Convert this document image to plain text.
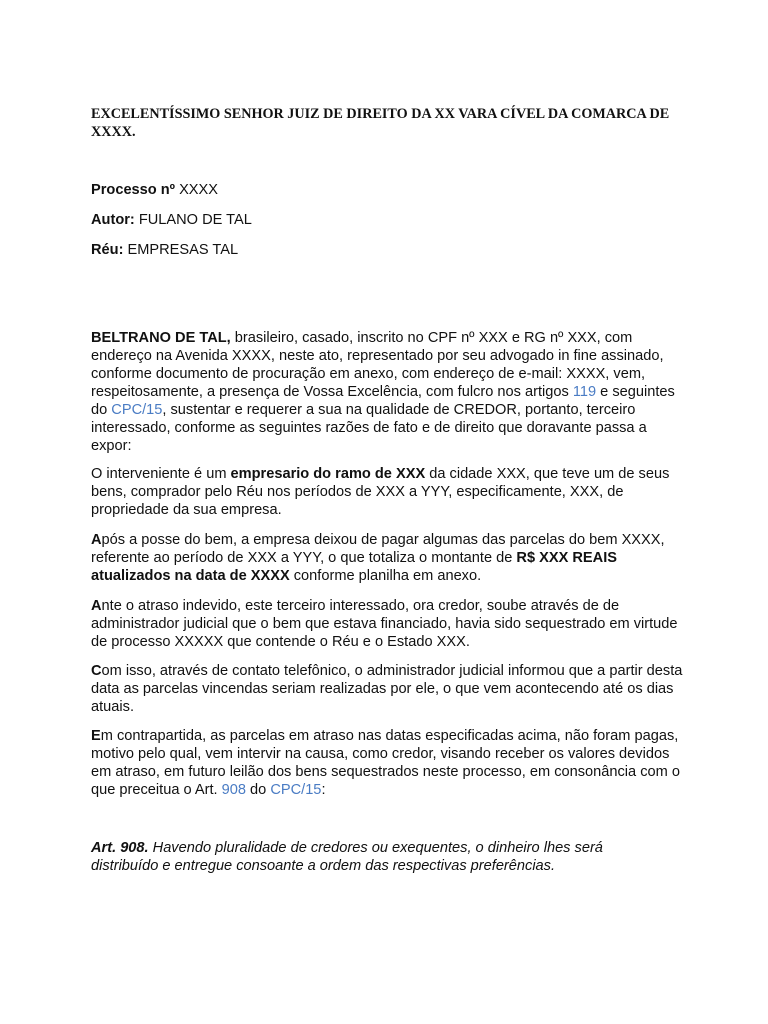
EXCELENTÍSSIMO SENHOR JUIZ DE DIREITO DA XX VARA CÍVEL DA COMARCA DE XXXX.
Processo nº XXXX
Autor: FULANO DE TAL
Réu: EMPRESAS TAL

BELTRANO DE TAL, brasileiro, casado, inscrito no CPF nº XXX e RG nº XXX, com endereço na Avenida XXXX, neste ato, representado por seu advogado in fine assinado, conforme documento de procuração em anexo, com endereço de e-mail: XXXX, vem, respeitosamente, a presença de Vossa Excelência, com fulcro nos artigos 119 e seguintes do CPC/15, sustentar e requerer a sua na qualidade de CREDOR, portanto, terceiro interessado, conforme as seguintes razões de fato e de direito que doravante passa a expor:

O interveniente é um empresario do ramo de XXX da cidade XXX, que teve um de seus bens, comprador pelo Réu nos períodos de XXX a YYY, especificamente, XXX, de propriedade da sua empresa.

Após a posse do bem, a empresa deixou de pagar algumas das parcelas do bem XXXX, referente ao período de XXX a YYY, o que totaliza o montante de R$ XXX REAIS atualizados na data de XXXX conforme planilha em anexo.

Ante o atraso indevido, este terceiro interessado, ora credor, soube através de de administrador judicial que o bem que estava financiado, havia sido sequestrado em virtude de processo XXXXX que contende o Réu e o Estado XXX.

Com isso, através de contato telefônico, o administrador judicial informou que a partir desta data as parcelas vincendas seriam realizadas por ele, o que vem acontecendo até os dias atuais.

Em contrapartida, as parcelas em atraso nas datas especificadas acima, não foram pagas, motivo pelo qual, vem intervir na causa, como credor, visando receber os valores devidos em atraso, em futuro leilão dos bens sequestrados neste processo, em consonância com o que preceitua o Art. 908 do CPC/15:

Art. 908. Havendo pluralidade de credores ou exequentes, o dinheiro lhes será distribuído e entregue consoante a ordem das respectivas preferências.
